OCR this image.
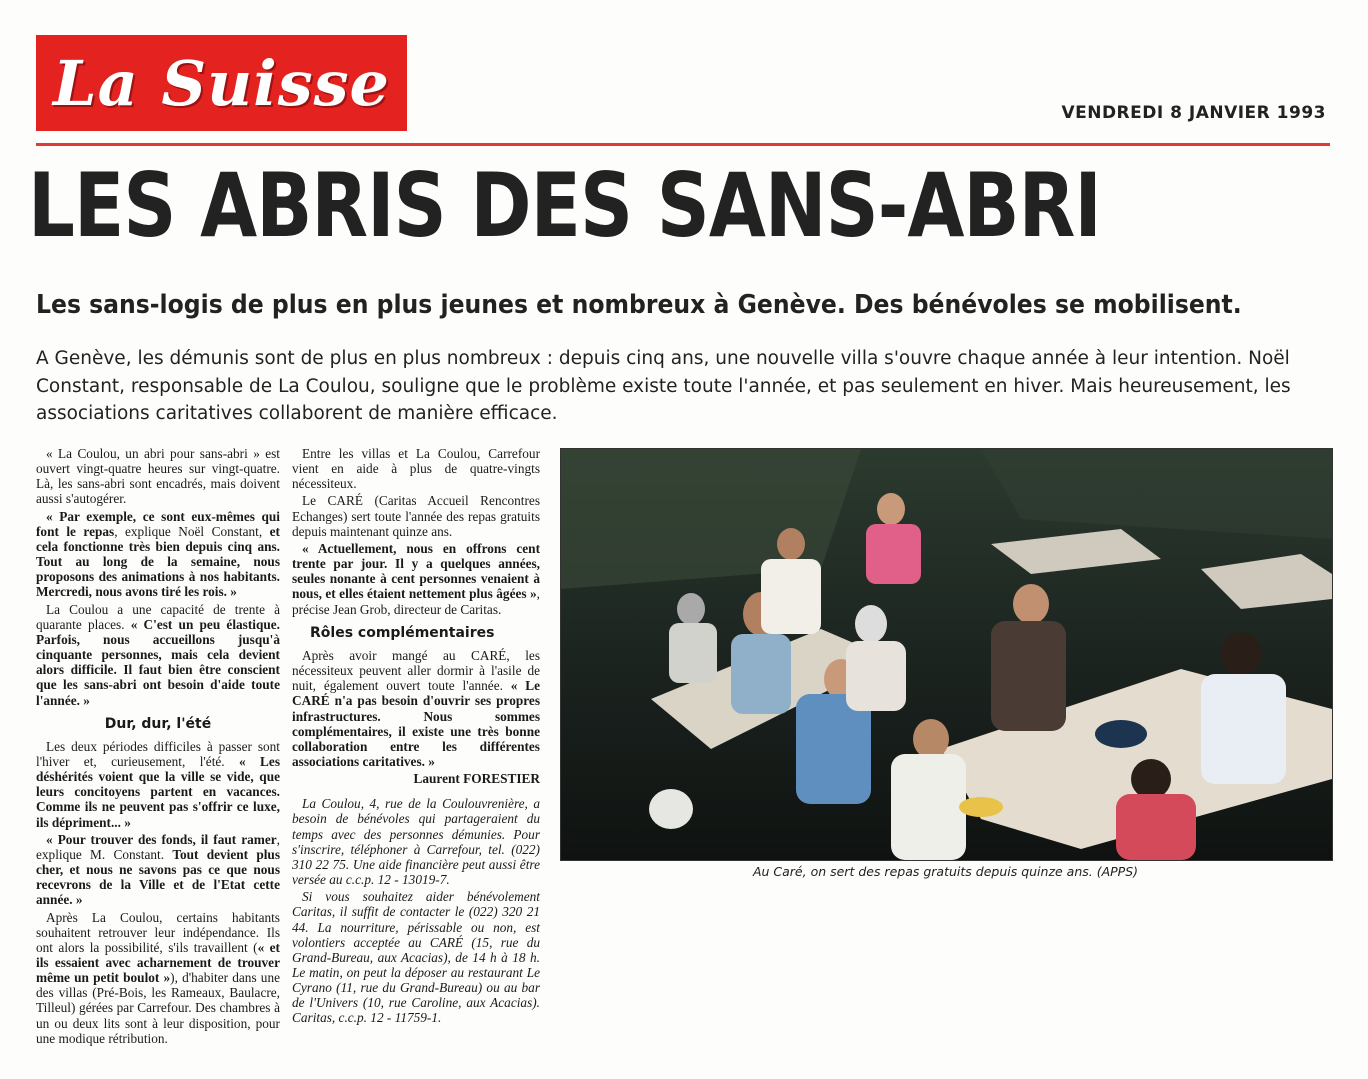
La Suisse	VENDREDI 8 JANVIER 1993
LES ABRIS DES SANS-ABRI
Les sans-logis de plus en plus jeunes et nombreux à Genève. Des bénévoles se mobilisent.
A Genève, les démunis sont de plus en plus nombreux : depuis cinq ans, une nouvelle villa s'ouvre chaque année à leur intention. Noël Constant, responsable de La Coulou, souligne que le problème existe toute l'année, et pas seulement en hiver. Mais heureusement, les associations caritatives collaborent de manière efficace.

« La Coulou, un abri pour sans-abri » est ouvert vingt-quatre heures sur vingt-quatre. Là, les sans-abri sont encadrés, mais doivent aussi s'autogérer.

« Par exemple, ce sont eux-mêmes qui font le repas, explique Noël Constant, et cela fonctionne très bien depuis cinq ans. Tout au long de la semaine, nous proposons des animations à nos habitants. Mercredi, nous avons tiré les rois. »

La Coulou a une capacité de trente à quarante places. « C'est un peu élastique. Parfois, nous accueillons jusqu'à cinquante personnes, mais cela devient alors difficile. Il faut bien être conscient que les sans-abri ont besoin d'aide toute l'année. »

Dur, dur, l'été

Les deux périodes difficiles à passer sont l'hiver et, curieusement, l'été. « Les déshérités voient que la ville se vide, que leurs concitoyens partent en vacances. Comme ils ne peuvent pas s'offrir ce luxe, ils dépriment... »

« Pour trouver des fonds, il faut ramer, explique M. Constant. Tout devient plus cher, et nous ne savons pas ce que nous recevrons de la Ville et de l'Etat cette année. »

Après La Coulou, certains habitants souhaitent retrouver leur indépendance. Ils ont alors la possibilité, s'ils travaillent (« et ils essaient avec acharnement de trouver même un petit boulot »), d'habiter dans une des villas (Pré-Bois, les Rameaux, Baulacre, Tilleul) gérées par Carrefour. Des chambres à un ou deux lits sont à leur disposition, pour une modique rétribution.

Entre les villas et La Coulou, Carrefour vient en aide à plus de quatre-vingts nécessiteux.

Le CARÉ (Caritas Accueil Rencontres Echanges) sert toute l'année des repas gratuits depuis maintenant quinze ans.

« Actuellement, nous en offrons cent trente par jour. Il y a quelques années, seules nonante à cent personnes venaient à nous, et elles étaient nettement plus âgées », précise Jean Grob, directeur de Caritas.

Rôles complémentaires

Après avoir mangé au CARÉ, les nécessiteux peuvent aller dormir à l'asile de nuit, également ouvert toute l'année. « Le CARÉ n'a pas besoin d'ouvrir ses propres infrastructures. Nous sommes complémentaires, il existe une très bonne collaboration entre les différentes associations caritatives. »

Laurent FORESTIER

La Coulou, 4, rue de la Coulouvrenière, a besoin de bénévoles qui partageraient du temps avec des personnes démunies. Pour s'inscrire, téléphoner à Carrefour, tel. (022) 310 22 75. Une aide financière peut aussi être versée au c.c.p. 12 - 13019-7.

Si vous souhaitez aider bénévolement Caritas, il suffit de contacter le (022) 320 21 44. La nourriture, périssable ou non, est volontiers acceptée au CARÉ (15, rue du Grand-Bureau, aux Acacias), de 14 h à 18 h. Le matin, on peut la déposer au restaurant Le Cyrano (11, rue du Grand-Bureau) ou au bar de l'Univers (10, rue Caroline, aux Acacias). Caritas, c.c.p. 12 - 11759-1.

Au Caré, on sert des repas gratuits depuis quinze ans. (APPS)
